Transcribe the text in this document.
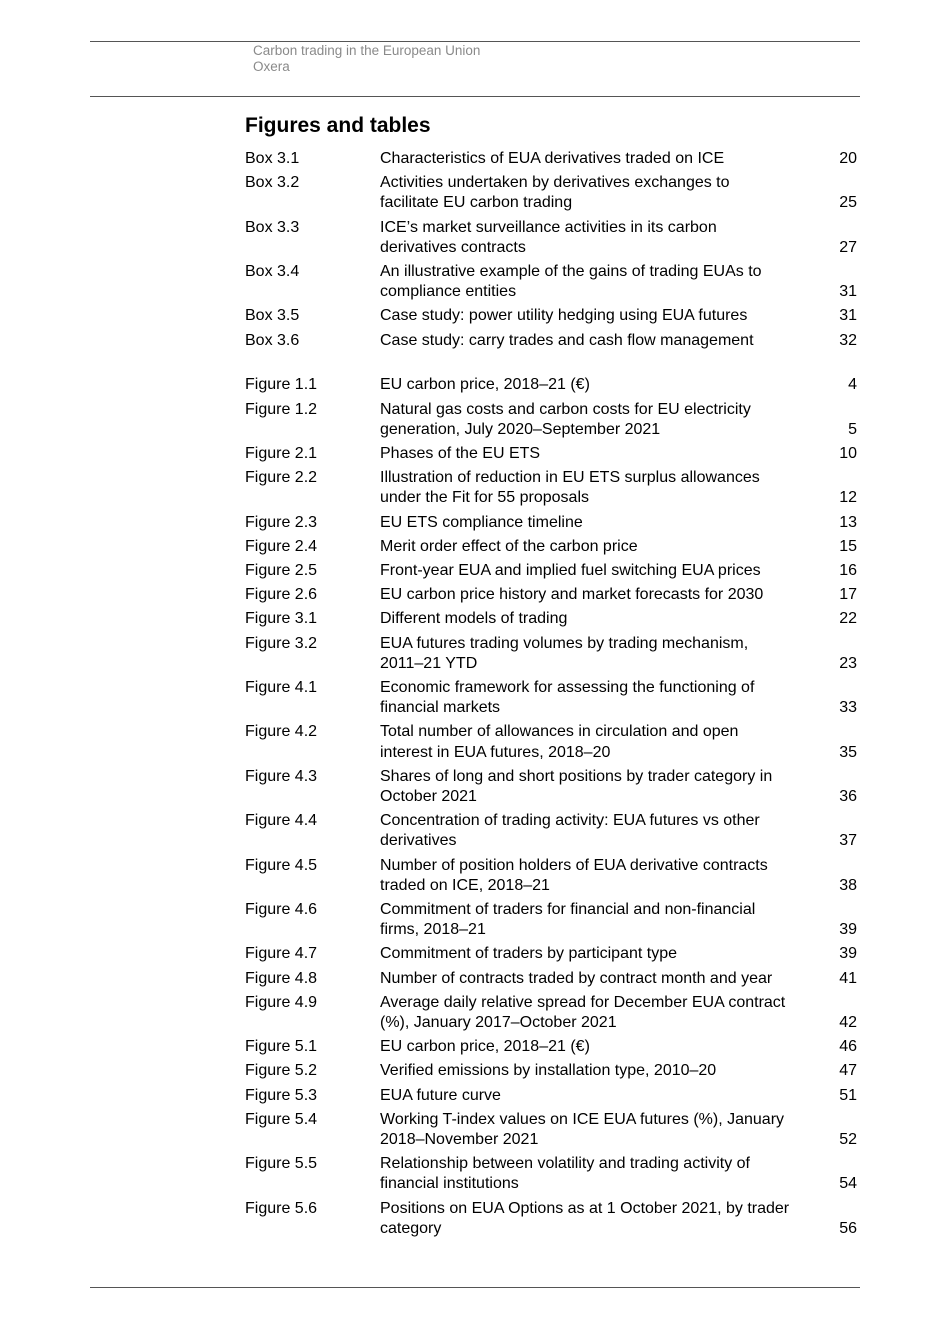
Carbon trading in the European Union
Oxera
Figures and tables
Box 3.1	Characteristics of EUA derivatives traded on ICE	20
Box 3.2	Activities undertaken by derivatives exchanges to
facilitate EU carbon trading	25
Box 3.3	ICE’s market surveillance activities in its carbon
derivatives contracts	27
Box 3.4	An illustrative example of the gains of trading EUAs to
compliance entities	31
Box 3.5	Case study: power utility hedging using EUA futures	31
Box 3.6	Case study: carry trades and cash flow management	32
Figure 1.1	EU carbon price, 2018–21 (€)	4
Figure 1.2	Natural gas costs and carbon costs for EU electricity
generation, July 2020–September 2021	5
Figure 2.1	Phases of the EU ETS	10
Figure 2.2	Illustration of reduction in EU ETS surplus allowances
under the Fit for 55 proposals	12
Figure 2.3	EU ETS compliance timeline	13
Figure 2.4	Merit order effect of the carbon price	15
Figure 2.5	Front-year EUA and implied fuel switching EUA prices	16
Figure 2.6	EU carbon price history and market forecasts for 2030	17
Figure 3.1	Different models of trading	22
Figure 3.2	EUA futures trading volumes by trading mechanism,
2011–21 YTD	23
Figure 4.1	Economic framework for assessing the functioning of
financial markets	33
Figure 4.2	Total number of allowances in circulation and open
interest in EUA futures, 2018–20	35
Figure 4.3	Shares of long and short positions by trader category in
October 2021	36
Figure 4.4	Concentration of trading activity: EUA futures vs other
derivatives	37
Figure 4.5	Number of position holders of EUA derivative contracts
traded on ICE, 2018–21	38
Figure 4.6	Commitment of traders for financial and non-financial
firms, 2018–21	39
Figure 4.7	Commitment of traders by participant type	39
Figure 4.8	Number of contracts traded by contract month and year	41
Figure 4.9	Average daily relative spread for December EUA contract
(%), January 2017–October 2021	42
Figure 5.1	EU carbon price, 2018–21 (€)	46
Figure 5.2	Verified emissions by installation type, 2010–20	47
Figure 5.3	EUA future curve	51
Figure 5.4	Working T-index values on ICE EUA futures (%), January
2018–November 2021	52
Figure 5.5	Relationship between volatility and trading activity of
financial institutions	54
Figure 5.6	Positions on EUA Options as at 1 October 2021, by trader
category	56
